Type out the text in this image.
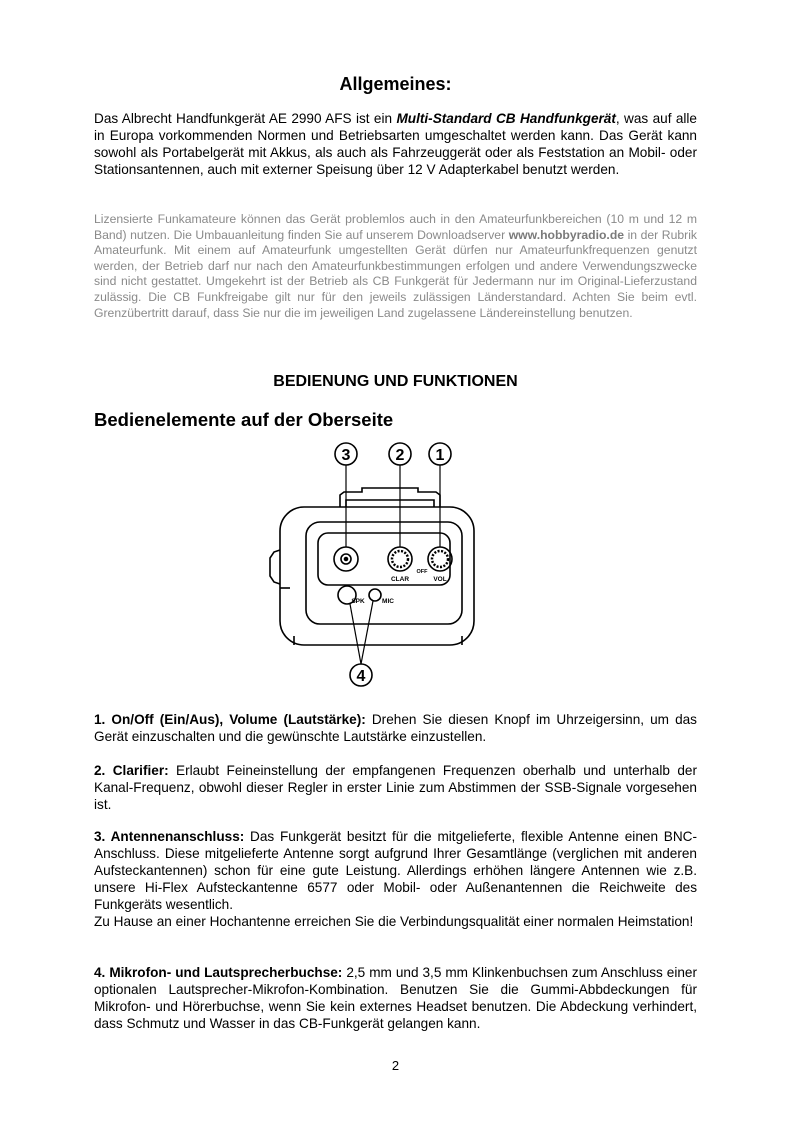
Allgemeines:
Das Albrecht Handfunkgerät AE 2990 AFS ist ein Multi-Standard CB Handfunkgerät, was auf alle in Europa vorkommenden Normen und Betriebsarten umgeschaltet werden kann. Das Gerät kann sowohl als Portabelgerät mit Akkus, als auch als Fahrzeuggerät oder als Feststation an Mobil- oder Stationsantennen, auch mit externer Speisung über 12 V Adapterkabel benutzt werden.
Lizensierte Funkamateure können das Gerät problemlos auch in den Amateurfunkbereichen (10 m und 12 m Band) nutzen. Die Umbauanleitung finden Sie auf unserem Downloadserver www.hobbyradio.de in der Rubrik Amateurfunk. Mit einem auf Amateurfunk umgestellten Gerät dürfen nur Amateurfunkfrequenzen genutzt werden, der Betrieb darf nur nach den Amateurfunkbestimmungen erfolgen und andere Verwendungszwecke sind nicht gestattet. Umgekehrt ist der Betrieb als CB Funkgerät für Jedermann nur im Original-Lieferzustand zulässig. Die CB Funkfreigabe gilt nur für den jeweils zulässigen Länderstandard. Achten Sie beim evtl. Grenzübertritt darauf, dass Sie nur die im jeweiligen Land zugelassene Ländereinstellung benutzen.
BEDIENUNG UND FUNKTIONEN
Bedienelemente auf der Oberseite
3	2 1
4
CLAR
OFF
VOL
SPK	MIC
1. On/Off (Ein/Aus), Volume (Lautstärke): Drehen Sie diesen Knopf im Uhrzeigersinn, um das Gerät einzuschalten und die gewünschte Lautstärke einzustellen.
2. Clarifier: Erlaubt Feineinstellung der empfangenen Frequenzen oberhalb und unterhalb der Kanal-Frequenz, obwohl dieser Regler in erster Linie zum Abstimmen der SSB-Signale vorgesehen ist.
3. Antennenanschluss: Das Funkgerät besitzt für die mitgelieferte, flexible Antenne einen BNC- Anschluss. Diese mitgelieferte Antenne sorgt aufgrund Ihrer Gesamtlänge (verglichen mit anderen Aufsteckantennen) schon für eine gute Leistung. Allerdings erhöhen längere Antennen wie z.B. unsere Hi-Flex Aufsteckantenne 6577 oder Mobil- oder Außenantennen die Reichweite des Funkgeräts wesentlich.
Zu Hause an einer Hochantenne erreichen Sie die Verbindungsqualität einer normalen Heimstation!
4. Mikrofon- und Lautsprecherbuchse: 2,5 mm und 3,5 mm Klinkenbuchsen zum Anschluss einer optionalen Lautsprecher-Mikrofon-Kombination. Benutzen Sie die Gummi-Abbdeckungen für Mikrofon- und Hörerbuchse, wenn Sie kein externes Headset benutzen. Die Abdeckung verhindert, dass Schmutz und Wasser in das CB-Funkgerät gelangen kann.
2
